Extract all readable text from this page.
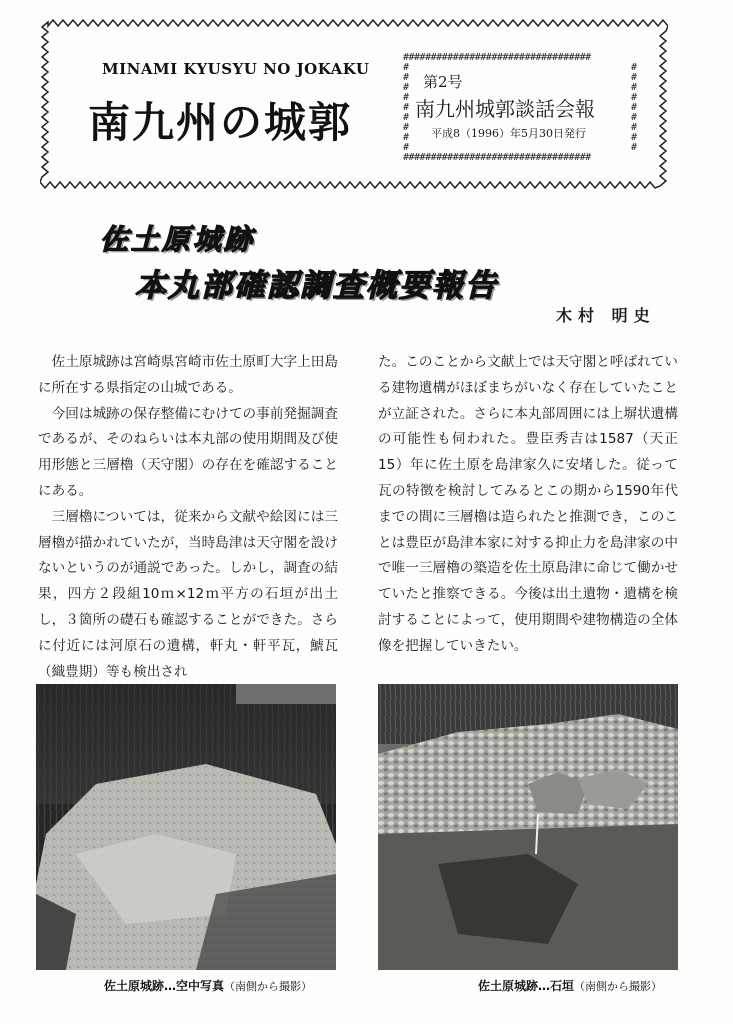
MINAMI KYUSYU NO JOKAKU
南九州の城郭
##################################
##################################
#
#
#
#
#
#
#
#
#
#
#
#
#
#
#
#
#
#
第2号
南九州城郭談話会報
平成8（1996）年5月30日発行
佐土原城跡
本丸部確認調査概要報告
木村 明史

佐土原城跡は宮崎県宮崎市佐土原町大字上田島に所在する県指定の山城である。

今回は城跡の保存整備にむけての事前発掘調査であるが、そのねらいは本丸部の使用期間及び使用形態と三層櫓（天守閣）の存在を確認することにある。

三層櫓については，従来から文献や絵図には三層櫓が描かれていたが，当時島津は天守閣を設けないというのが通説であった。しかし，調査の結果，四方２段組10ｍ×12ｍ平方の石垣が出土し，３箇所の礎石も確認することができた。さらに付近には河原石の遺構，軒丸・軒平瓦，鯱瓦（織豊期）等も検出され

た。このことから文献上では天守閣と呼ばれている建物遺構がほぼまちがいなく存在していたことが立証された。さらに本丸部周囲には上塀状遺構の可能性も伺われた。豊臣秀吉は1587（天正15）年に佐土原を島津家久に安堵した。従って瓦の特徴を検討してみるとこの期から1590年代までの間に三層櫓は造られたと推測でき，このことは豊臣が島津本家に対する抑止力を島津家の中で唯一三層櫓の築造を佐土原島津に命じて働かせていたと推察できる。今後は出土遺物・遺構を検討することによって，使用期間や建物構造の全体像を把握していきたい。

佐土原城跡…空中写真（南側から撮影）	佐土原城跡…石垣（南側から撮影）
